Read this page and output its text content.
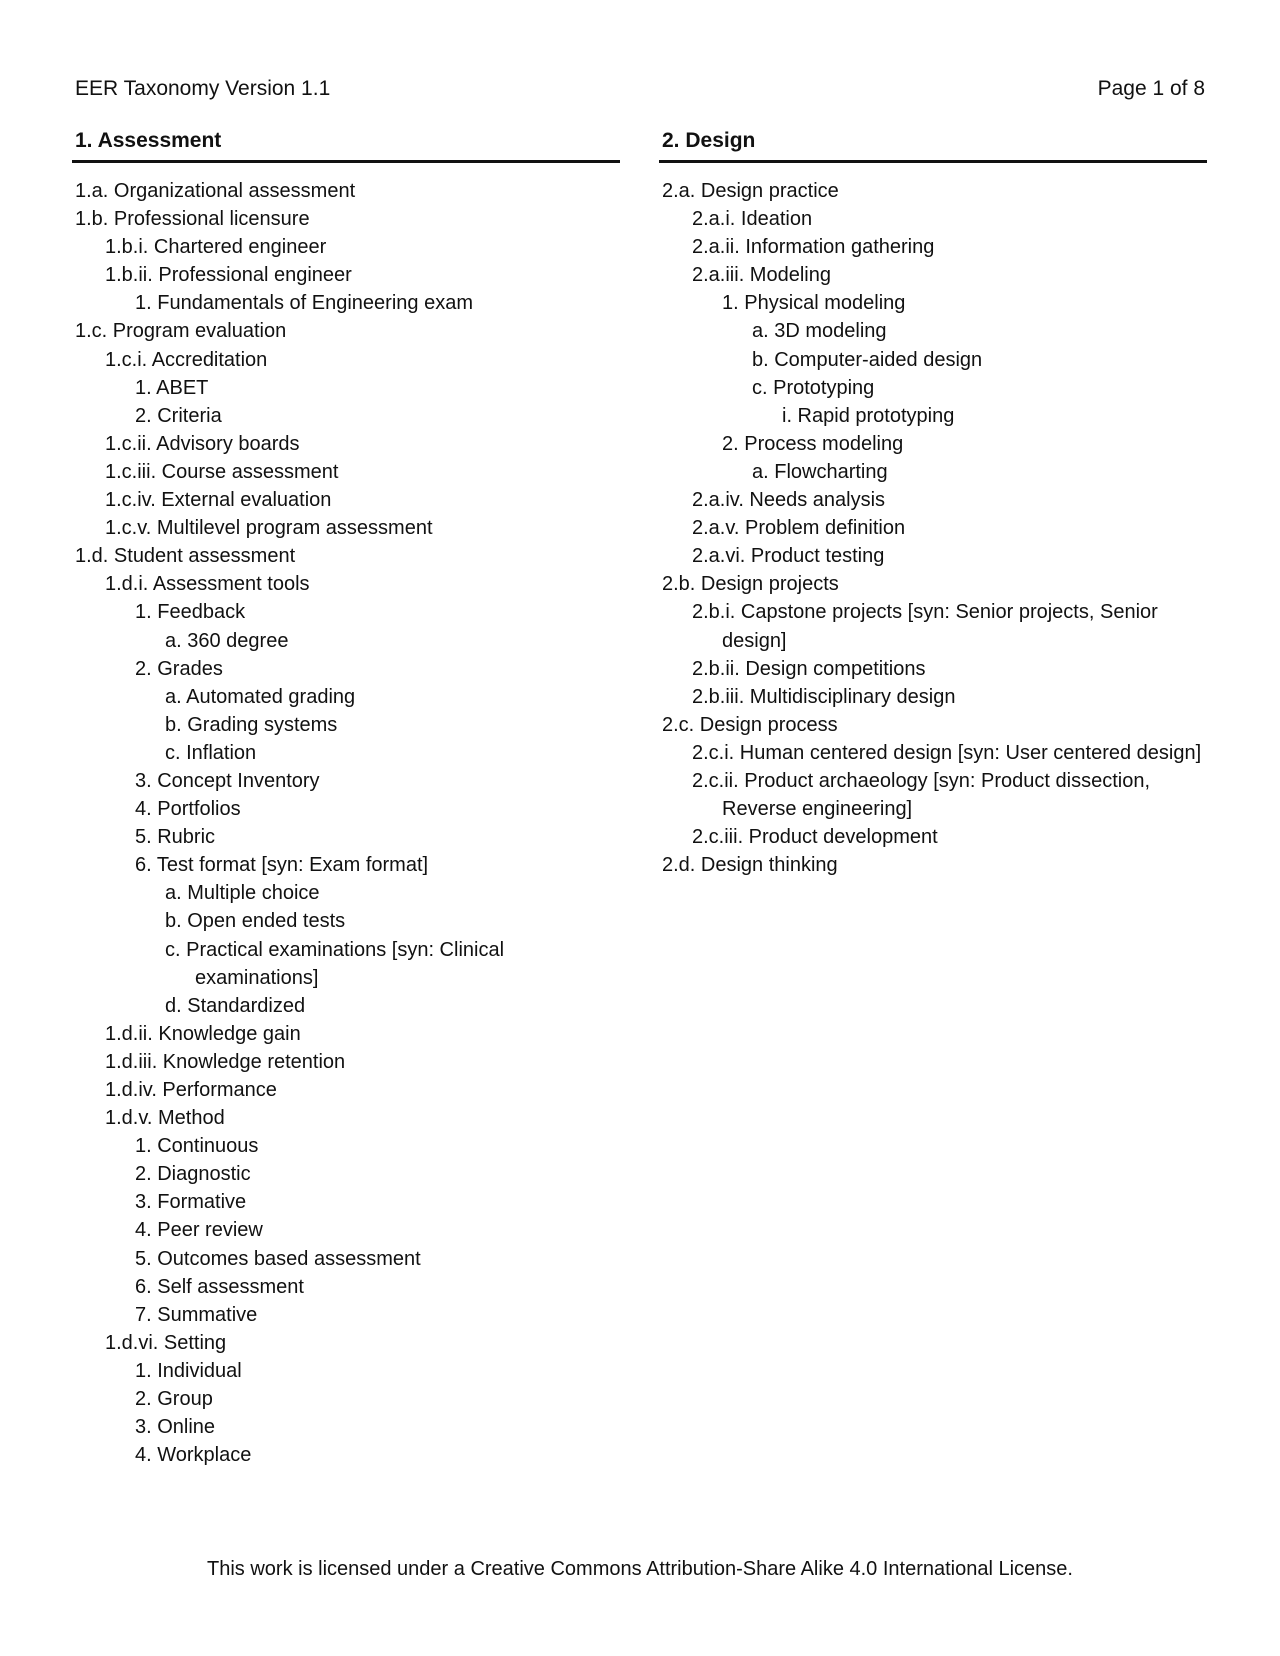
EER Taxonomy Version 1.1	Page 1 of 8
1. Assessment
1.a. Organizational assessment
1.b. Professional licensure
1.b.i. Chartered engineer
1.b.ii. Professional engineer
1. Fundamentals of Engineering exam
1.c. Program evaluation
1.c.i. Accreditation
1. ABET
2. Criteria
1.c.ii. Advisory boards
1.c.iii. Course assessment
1.c.iv. External evaluation
1.c.v. Multilevel program assessment
1.d. Student assessment
1.d.i. Assessment tools
1. Feedback
a. 360 degree
2. Grades
a. Automated grading
b. Grading systems
c. Inflation
3. Concept Inventory
4. Portfolios
5. Rubric
6. Test format [syn: Exam format]
a. Multiple choice
b. Open ended tests
c. Practical examinations [syn: Clinical examinations]
d. Standardized
1.d.ii. Knowledge gain
1.d.iii. Knowledge retention
1.d.iv. Performance
1.d.v. Method
1. Continuous
2. Diagnostic
3. Formative
4. Peer review
5. Outcomes based assessment
6. Self assessment
7. Summative
1.d.vi. Setting
1. Individual
2. Group
3. Online
4. Workplace
2. Design
2.a. Design practice
2.a.i. Ideation
2.a.ii. Information gathering
2.a.iii. Modeling
1. Physical modeling
a. 3D modeling
b. Computer-aided design
c. Prototyping
i. Rapid prototyping
2. Process modeling
a. Flowcharting
2.a.iv. Needs analysis
2.a.v. Problem definition
2.a.vi. Product testing
2.b. Design projects
2.b.i. Capstone projects [syn: Senior projects, Senior design]
2.b.ii. Design competitions
2.b.iii. Multidisciplinary design
2.c. Design process
2.c.i. Human centered design [syn: User centered design]
2.c.ii. Product archaeology [syn: Product dissection, Reverse engineering]
2.c.iii. Product development
2.d. Design thinking
This work is licensed under a Creative Commons Attribution-Share Alike 4.0 International License.
